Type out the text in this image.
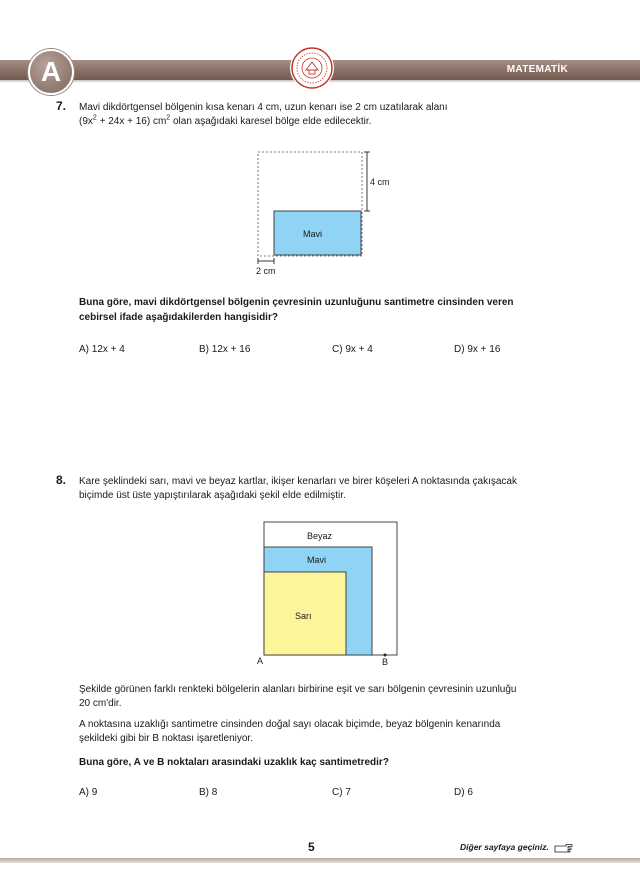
A	MATEMATİK
7. Mavi dikdörtgensel bölgenin kısa kenarı 4 cm, uzun kenarı ise 2 cm uzatılarak alanı
$(9x^2 + 24x + 16)$ $cm^2$ olan aşağıdaki karesel bölge elde edilecektir.
4 cm
2 cm
Mavi
Buna göre, mavi dikdörtgensel bölgenin çevresinin uzunluğunu santimetre cinsinden veren
cebirsel ifade aşağıdakilerden hangisidir?
A) 12x + 4	B) 12x + 16	C) 9x + 4	D) 9x + 16
8. Kare şeklindeki sarı, mavi ve beyaz kartlar, ikişer kenarları ve birer köşeleri A noktasında çakışacak
biçimde üst üste yapıştırılarak aşağıdaki şekil elde edilmiştir.
Beyaz
Mavi
Sarı
A	B
Şekilde görünen farklı renkteki bölgelerin alanları birbirine eşit ve sarı bölgenin çevresinin uzunluğu
20 cm'dir.
A noktasına uzaklığı santimetre cinsinden doğal sayı olacak biçimde, beyaz bölgenin kenarında
şekildeki gibi bir B noktası işaretleniyor.
Buna göre, A ve B noktaları arasındaki uzaklık kaç santimetredir?
A) 9	B) 8	C) 7	D) 6
5	Diğer sayfaya geçiniz.
